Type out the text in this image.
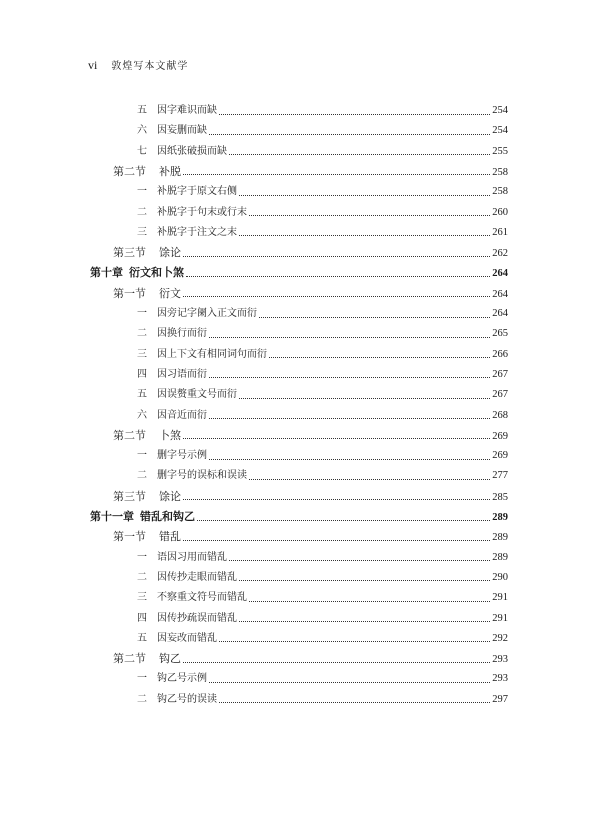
vi 敦煌写本文献学
五	因字难识而缺	254
六	因妄删而缺	254
七	因纸张破损而缺	255
第二节	补脱	258
一	补脱字于原文右侧	258
二	补脱字于句末或行末	260
三	补脱字于注文之末	261
第三节	馀论	262
第十章 衍文和卜煞	264
第一节	衍文	264
一	因旁记字阑入正文而衍	264
二	因换行而衍	265
三	因上下文有相同词句而衍	266
四	因习语而衍	267
五	因误赘重文号而衍	267
六	因音近而衍	268
第二节	卜煞	269
一	删字号示例	269
二	删字号的误标和误读	277
第三节	馀论	285
第十一章 错乱和钩乙	289
第一节	错乱	289
一	语因习用而错乱	289
二	因传抄走眼而错乱	290
三	不察重文符号而错乱	291
四	因传抄疏误而错乱	291
五	因妄改而错乱	292
第二节	钩乙	293
一	钩乙号示例	293
二	钩乙号的误读	297
